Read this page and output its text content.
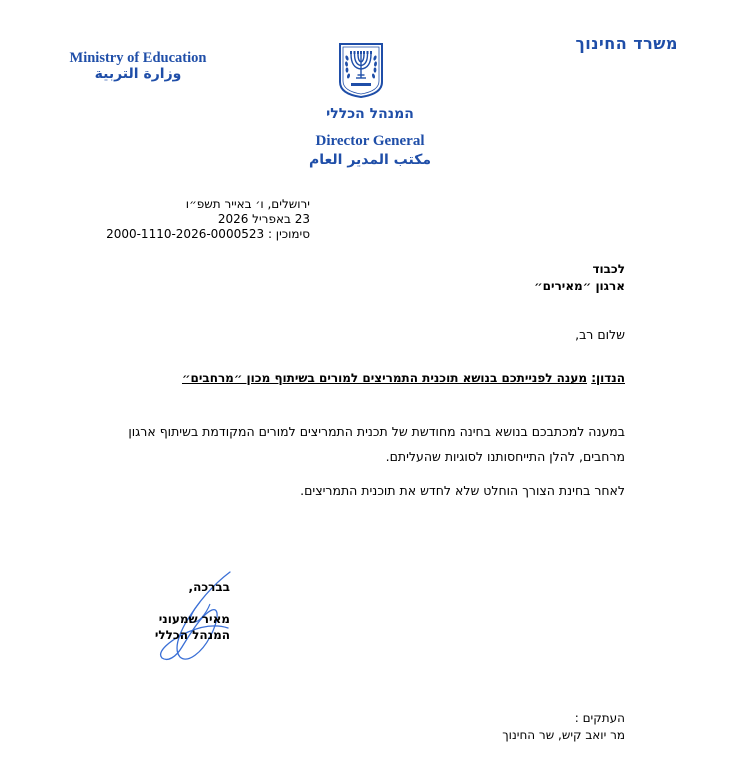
משרד החינוך
Ministry of Education
وزارة التربية
המנהל הכללי
Director General
مكتب المدير العام
ירושלים, ו׳ באייר תשפ״ו
23 באפריל 2026
סימוכין : 2000-1110-2026-0000523
לכבוד
ארגון ״מאירים״
שלום רב,
הנדון: מענה לפנייתכם בנושא תוכנית התמריצים למורים בשיתוף מכון ״מרחבים״
במענה למכתבכם בנושא בחינה מחודשת של תכנית התמריצים למורים המקודמת בשיתוף ארגון מרחבים, להלן התייחסותנו לסוגיות שהעליתם.
לאחר בחינת הצורך הוחלט שלא לחדש את תוכנית התמריצים.
בברכה,
מאיר שמעוני
המנהל הכללי
העתקים :
מר יואב קיש, שר החינוך
